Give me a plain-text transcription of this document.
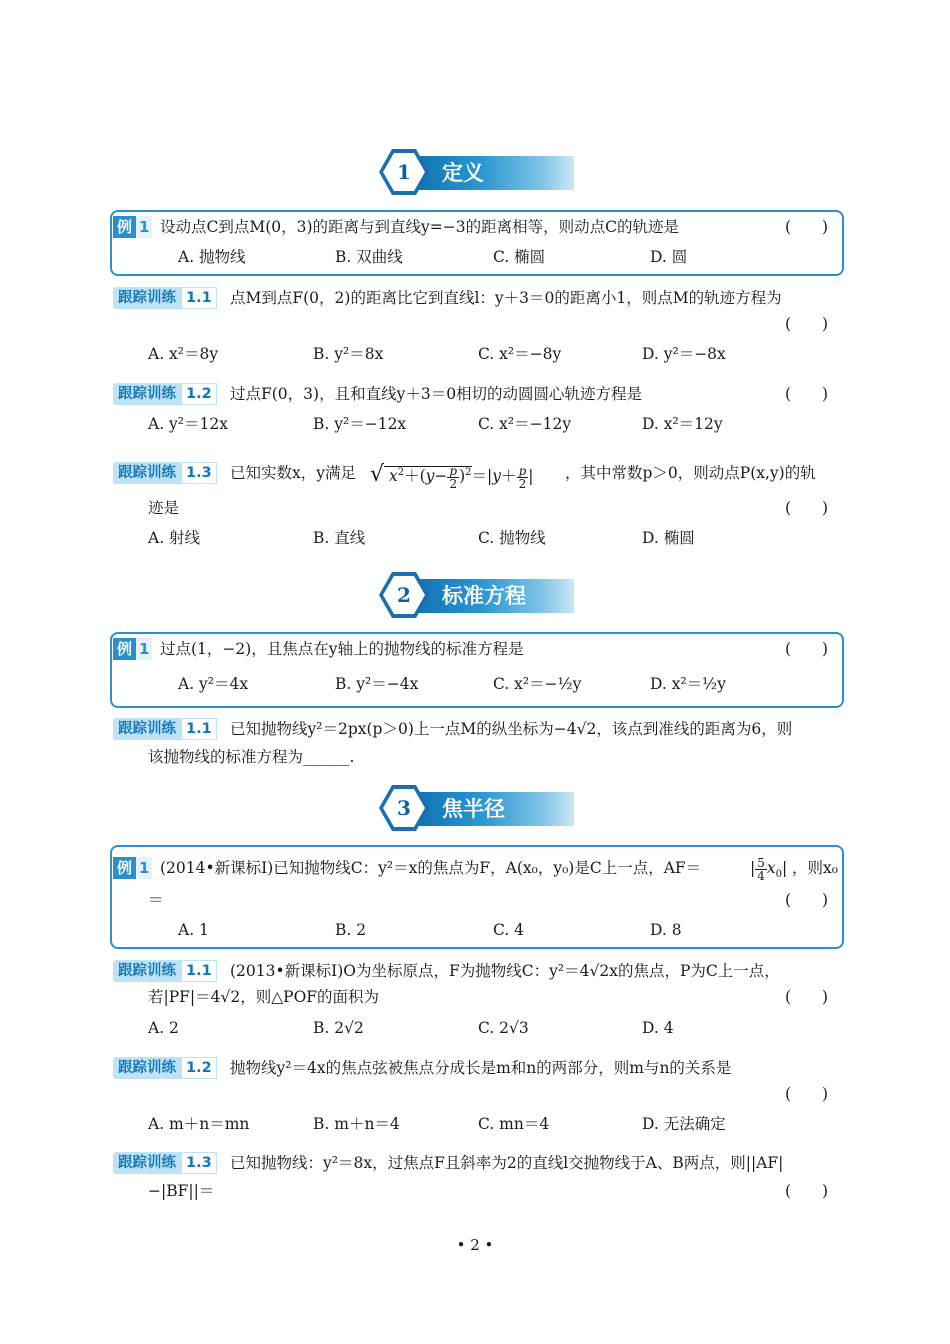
定义
1
例 1 设动点C到点M(0，3)的距离与到直线y=−3的距离相等，则动点C的轨迹是	(　　)
A. 抛物线	B. 双曲线	C. 椭圆	D. 圆
跟踪训练 1.1	点M到点F(0，2)的距离比它到直线l：y＋3＝0的距离小1，则点M的轨迹方程为
(　　)
A. x²＝8y	B. y²＝8x	C. x²＝−8y	D. y²＝−8x
跟踪训练 1.2	过点F(0，3)，且和直线y＋3＝0相切的动圆圆心轨迹方程是	(　　)
A. y²＝12x	B. y²＝−12x	C. x²＝−12y	D. x²＝12y
跟踪训练 1.3	已知实数x，y满足 √ $x^2+(y- \frac{p}{2} )^2=|y+ \frac{p}{2}$ | ，其中常数p＞0，则动点P(x,y)的轨
迹是	(　　)
A. 射线	B. 直线	C. 抛物线	D. 椭圆
标准方程
2
例 1 过点(1，−2)，且焦点在y轴上的抛物线的标准方程是	(　　)
A. y²＝4x	B. y²＝−4x	C. x²＝−½y	D. x²＝½y
跟踪训练 1.1	已知抛物线y²＝2px(p＞0)上一点M的纵坐标为−4√2，该点到准线的距离为6，则
该抛物线的标准方程为______.
焦半径
3
例 1 (2014•新课标Ⅰ)已知抛物线C：y²＝x的焦点为F，A(x₀，y₀)是C上一点，AF＝	| $\frac{5}{4} x_0|$ ，则x₀
＝	(　　)
A. 1	B. 2	C. 4	D. 8
跟踪训练 1.1	(2013•新课标Ⅰ)O为坐标原点，F为抛物线C：y²＝4√2x的焦点，P为C上一点，
若|PF|＝4√2，则△POF的面积为	(　　)
A. 2	B. 2√2	C. 2√3	D. 4
跟踪训练 1.2	抛物线y²＝4x的焦点弦被焦点分成长是m和n的两部分，则m与n的关系是
(　　)
A. m＋n＝mn	B. m＋n＝4	C. mn＝4	D. 无法确定
跟踪训练 1.3	已知抛物线：y²＝8x，过焦点F且斜率为2的直线l交抛物线于A、B两点，则||AF|
−|BF||＝	(　　)
• 2 •
